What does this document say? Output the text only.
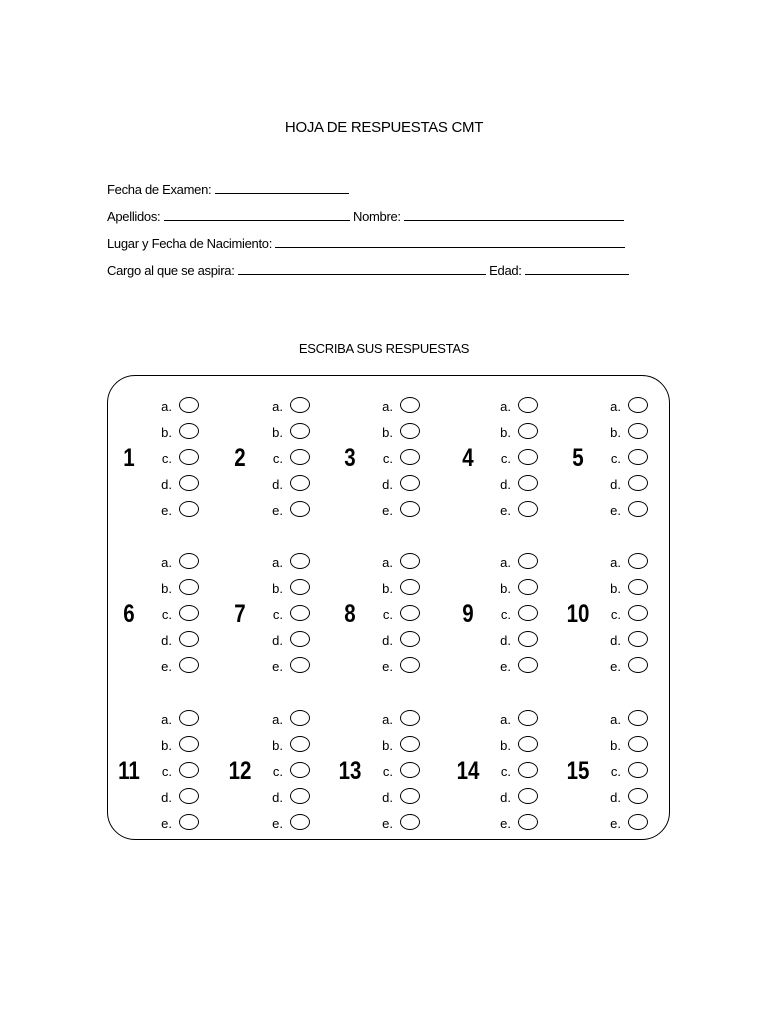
HOJA DE RESPUESTAS CMT
Fecha de Examen:
Apellidos:	Nombre:
Lugar y Fecha de Nacimiento:
Cargo al que se aspira:	Edad:
ESCRIBA SUS RESPUESTAS
1
a.
b.
c.
d.
e.
2
a.
b.
c.
d.
e.
3
a.
b.
c.
d.
e.
4
a.
b.
c.
d.
e.
5
a.
b.
c.
d.
e.
6
a.
b.
c.
d.
e.
7
a.
b.
c.
d.
e.
8
a.
b.
c.
d.
e.
9
a.
b.
c.
d.
e.
10
a.
b.
c.
d.
e.
11
a.
b.
c.
d.
e.
12
a.
b.
c.
d.
e.
13
a.
b.
c.
d.
e.
14
a.
b.
c.
d.
e.
15
a.
b.
c.
d.
e.
